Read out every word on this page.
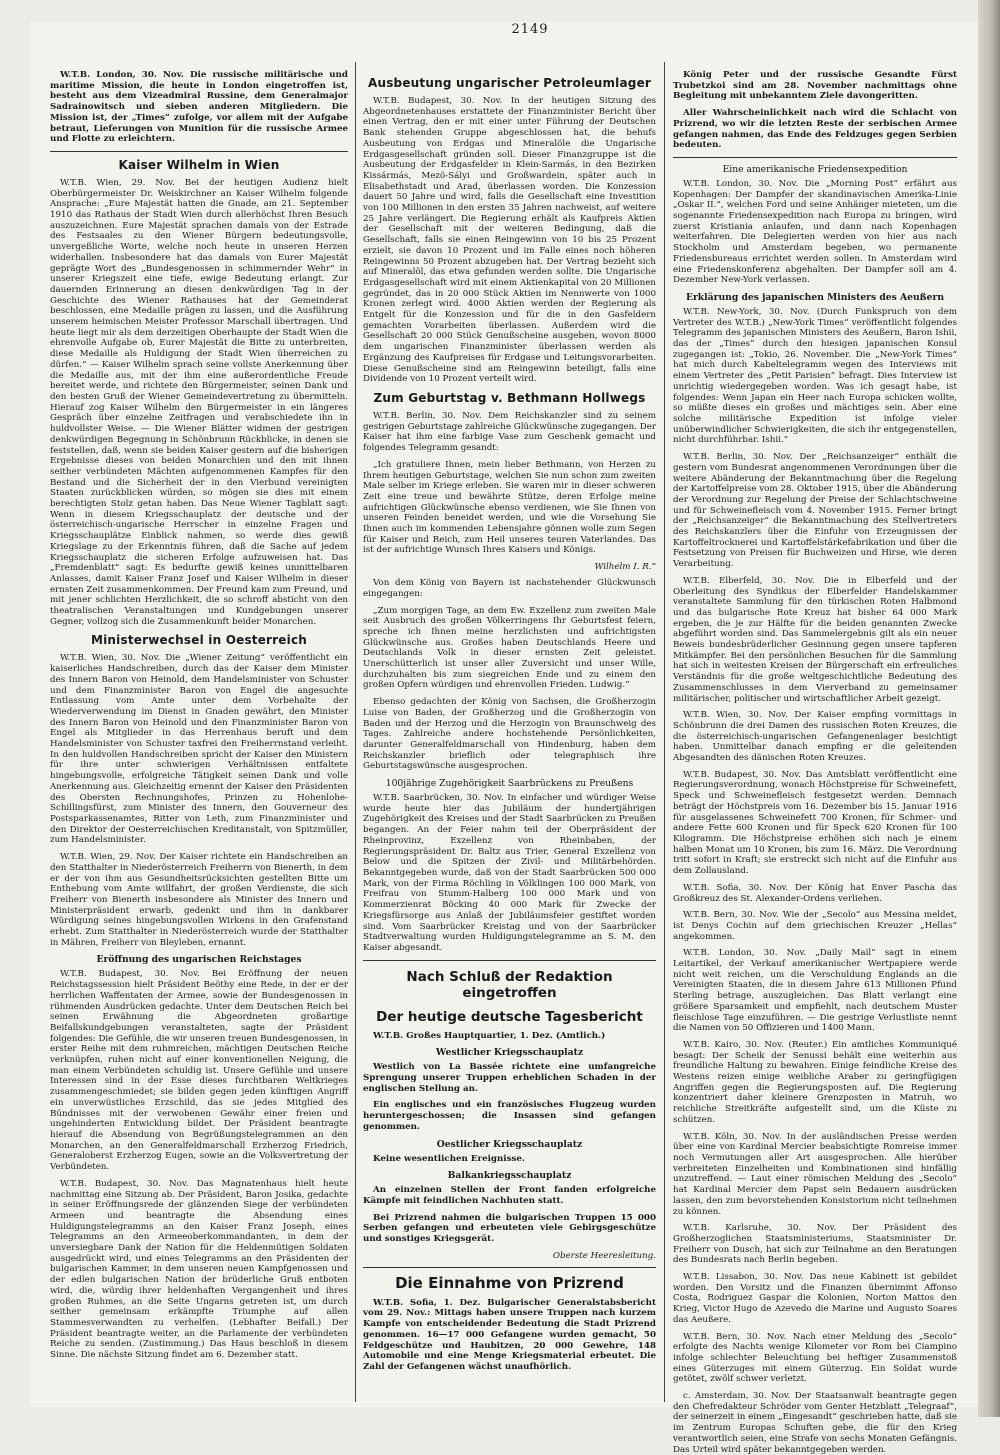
2149

W.T.B. London, 30. Nov. Die russische militärische und maritime Mission, die heute in London eingetroffen ist, besteht aus dem Vizeadmiral Russine, dem Generalmajor Sadrainowitsch und sieben anderen Mitgliedern. Die Mission ist, der „Times“ zufolge, vor allem mit der Aufgabe betraut, Lieferungen von Munition für die russische Armee und Flotte zu erleichtern.

Kaiser Wilhelm in Wien

W.T.B. Wien, 29. Nov. Bei der heutigen Audienz hielt Oberbürgermeister Dr. Weiskirchner an Kaiser Wilhelm folgende Ansprache: „Eure Majestät hatten die Gnade, am 21. September 1910 das Rathaus der Stadt Wien durch allerhöchst Ihren Besuch auszuzeichnen. Eure Majestät sprachen damals von der Estrade des Festsaales zu den Wiener Bürgern bedeutungsvolle, unvergeßliche Worte, welche noch heute in unseren Herzen widerhallen. Insbesondere hat das damals von Eurer Majestät geprägte Wort des „Bundesgenossen in schimmernder Wehr“ in unserer Kriegszeit eine tiefe, ewige Bedeutung erlangt. Zur dauernden Erinnerung an diesen denkwürdigen Tag in der Geschichte des Wiener Rathauses hat der Gemeinderat beschlossen, eine Medaille prägen zu lassen, und die Ausführung unserem heimischen Meister Professor Marschall übertragen. Und heute liegt mir als dem derzeitigen Oberhaupte der Stadt Wien die ehrenvolle Aufgabe ob, Eurer Majestät die Bitte zu unterbreiten, diese Medaille als Huldigung der Stadt Wien überreichen zu dürfen.“ — Kaiser Wilhelm sprach seine vollste Anerkennung über die Medaille aus, mit der ihm eine außerordentliche Freude bereitet werde, und richtete den Bürgermeister, seinen Dank und den besten Gruß der Wiener Gemeindevertretung zu übermitteln. Hierauf zog Kaiser Wilhelm den Bürgermeister in ein längeres Gespräch über einzelne Zeitfragen und verabschiedete ihn in huldvollster Weise. — Die Wiener Blätter widmen der gestrigen denkwürdigen Begegnung in Schönbrunn Rückblicke, in denen sie feststellen, daß, wenn sie beiden Kaiser gestern auf die bisherigen Ergebnisse dieses von beiden Monarchien und den mit ihnen seither verbündeten Mächten aufgenommenen Kampfes für den Bestand und die Sicherheit der in den Vierbund vereinigten Staaten zurückblicken würden, so mögen sie dies mit einem berechtigten Stolz getan haben. Das Neue Wiener Tagblatt sagt: Wenn in diesem Kriegsschauplatz der deutsche und der österreichisch-ungarische Herrscher in einzelne Fragen und Kriegsschauplätze Einblick nahmen, so werde dies gewiß Kriegslage zu der Erkenntnis führen, daß die Sache auf jedem Kriegsschauplatz die sicheren Erfolge aufzuweisen hat. Das „Fremdenblatt“ sagt: Es bedurfte gewiß keines unmittelbaren Anlasses, damit Kaiser Franz Josef und Kaiser Wilhelm in dieser ernsten Zeit zusammenkommen. Der Freund kam zum Freund, und mit jener schlichten Herzlichkeit, die so schroff absticht von den theatralischen Veranstaltungen und Kundgebungen unserer Gegner, vollzog sich die Zusammenkunft beider Monarchen.

Ministerwechsel in Oesterreich

W.T.B. Wien, 30. Nov. Die „Wiener Zeitung“ veröffentlicht ein kaiserliches Handschreiben, durch das der Kaiser dem Minister des Innern Baron von Heinold, dem Handelsminister von Schuster und dem Finanzminister Baron von Engel die angesuchte Entlassung vom Amte unter dem Vorbehalte der Wiederverwendung im Dienst in Gnaden gewährt, den Minister des Innern Baron von Heinold und den Finanzminister Baron von Engel als Mitglieder in das Herrenhaus beruft und dem Handelsminister von Schuster taxfrei den Freiherrnstand verleiht. In den huldvollen Handschreiben spricht der Kaiser den Ministern für ihre unter schwierigen Verhältnissen entfaltete hingebungsvolle, erfolgreiche Tätigkeit seinen Dank und volle Anerkennung aus. Gleichzeitig ernennt der Kaiser den Präsidenten des Obersten Rechnungshofes, Prinzen zu Hohenlohe-Schillingsfürst, zum Minister des Innern, den Gouverneur des Postsparkassenamtes, Ritter von Leth, zum Finanzminister und den Direktor der Oesterreichischen Kreditanstalt, von Spitzmüller, zum Handelsminister.

W.T.B. Wien, 29. Nov. Der Kaiser richtete ein Handschreiben an den Statthalter in Niederösterreich Freiherrn von Bienerth, in dem er der von ihm aus Gesundheitsrücksichten gestellten Bitte um Enthebung vom Amte willfahrt, der großen Verdienste, die sich Freiherr von Bienerth insbesondere als Minister des Innern und Ministerpräsident erwarb, gedenkt und ihm in dankbarer Würdigung seines hingebungsvollen Wirkens in den Grafenstand erhebt. Zum Statthalter in Niederösterreich wurde der Statthalter in Mähren, Freiherr von Bleyleben, ernannt.

Eröffnung des ungarischen Reichstages

W.T.B. Budapest, 30. Nov. Bei Eröffnung der neuen Reichstagssession hielt Präsident Beöthy eine Rede, in der er der herrlichen Waffentaten der Armee, sowie der Bundesgenossen in rühmenden Ausdrücken gedachte. Unter dem Deutschen Reich bei seinen Erwähnung die Abgeordneten großartige Beifallskundgebungen veranstalteten, sagte der Präsident folgendes: Die Gefühle, die wir unseren treuen Bundesgenossen, in erster Reihe mit dem ruhmreichen, mächtigen Deutschen Reiche verknüpfen, ruhen nicht auf einer konventionellen Neigung, die man einem Verbündeten schuldig ist. Unsere Gefühle und unsere Interessen sind in der Esse dieses furchtbaren Weltkrieges zusammengeschmiedet; sie bilden gegen jeden künftigen Angriff ein unverwüstliches Erzschild, das sie jedes Mitglied des Bündnisses mit der verwobenen Gewähr einer freien und ungehinderten Entwicklung bildet. Der Präsident beantragte hierauf die Absendung von Begrüßungstelegrammen an den Monarchen, an den Generalfeldmarschall Erzherzog Friedrich, Generaloberst Erzherzog Eugen, sowie an die Volksvertretung der Verbündeten.

W.T.B. Budapest, 30. Nov. Das Magnatenhaus hielt heute nachmittag eine Sitzung ab. Der Präsident, Baron Josika, gedachte in seiner Eröffnungsrede der glänzenden Siege der verbündeten Armeen und beantragte die Absendung eines Huldigungstelegramms an den Kaiser Franz Joseph, eines Telegramms an den Armeeoberkommandanten, in dem der unversiegbare Dank der Nation für die Heldenmütigen Soldaten ausgedrückt wird, und eines Telegramms an den Präsidenten der bulgarischen Kammer, in dem unseren neuen Kampfgenossen und der edlen bulgarischen Nation der brüderliche Gruß entboten wird, die, würdig ihrer heldenhaften Vergangenheit und ihres großen Ruhmes, an die Seite Ungarns getreten ist, um durch seither gemeinsam erkämpfte Triumphe auf allen Stammesverwandten zu verhelfen. (Lebhafter Beifall.) Der Präsident beantragte weiter, an die Parlamente der verbündeten Reiche zu senden. (Zustimmung.) Das Haus beschloß in diesem Sinne. Die nächste Sitzung findet am 6. Dezember statt.

Ausbeutung ungarischer Petroleumlager

W.T.B. Budapest, 30. Nov. In der heutigen Sitzung des Abgeordnetenhauses erstattete der Finanzminister Bericht über einen Vertrag, den er mit einer unter Führung der Deutschen Bank stehenden Gruppe abgeschlossen hat, die behufs Ausbeutung von Erdgas und Mineralöle die Ungarische Erdgasgesellschaft gründen soll. Dieser Finanzgruppe ist die Ausbeutung der Erdgasfelder in Klein-Sarmás, in den Bezirken Kissármás, Mezö-Sályi und Großwardein, später auch in Elisabethstadt und Arad, überlassen worden. Die Konzession dauert 50 Jahre und wird, falls die Gesellschaft eine Investition von 100 Millionen in den ersten 35 Jahren nachweist, auf weitere 25 Jahre verlängert. Die Regierung erhält als Kaufpreis Aktien der Gesellschaft mit der weiteren Bedingung, daß die Gesellschaft, falls sie einen Reingewinn von 10 bis 25 Prozent erzielt, sie davon 10 Prozent und im Falle eines noch höheren Reingewinns 50 Prozent abzugeben hat. Der Vertrag bezieht sich auf Mineralöl, das etwa gefunden werden sollte. Die Ungarische Erdgasgesellschaft wird mit einem Aktienkapital von 20 Millionen gegründet, das in 20 000 Stück Aktien im Nennwerte von 1000 Kronen zerlegt wird. 4000 Aktien werden der Regierung als Entgelt für die Konzession und für die in den Gasfeldern gemachten Vorarbeiten überlassen. Außerdem wird die Gesellschaft 20 000 Stück Genußscheine ausgeben, wovon 8000 dem ungarischen Finanzminister überlassen werden als Ergänzung des Kaufpreises für Erdgase und Leitungsvorarbeiten. Diese Genußscheine sind am Reingewinn beteiligt, falls eine Dividende von 10 Prozent verteilt wird.

Zum Geburtstag v. Bethmann Hollwegs

W.T.B. Berlin, 30. Nov. Dem Reichskanzler sind zu seinem gestrigen Geburtstage zahlreiche Glückwünsche zugegangen. Der Kaiser hat ihm eine farbige Vase zum Geschenk gemacht und folgendes Telegramm gesandt:

„Ich gratuliere Ihnen, mein lieber Bethmann, von Herzen zu Ihrem heutigen Geburtstage, welchen Sie nun schon zum zweiten Male selber im Kriege erleben. Sie waren mir in dieser schweren Zeit eine treue und bewährte Stütze, deren Erfolge meine aufrichtigen Glückwünsche ebenso verdienen, wie Sie Ihnen von unseren Feinden beneidet werden, und wie die Vorsehung Sie Ihnen auch im kommenden Lebensjahre gönnen wolle zum Segen für Kaiser und Reich, zum Heil unseres teuren Vaterlandes. Das ist der aufrichtige Wunsch Ihres Kaisers und Königs.

Wilhelm I. R.“

Von dem König von Bayern ist nachstehender Glückwunsch eingegangen:

„Zum morgigen Tage, an dem Ew. Exzellenz zum zweiten Male seit Ausbruch des großen Völkerringens Ihr Geburtsfest feiern, spreche ich Ihnen meine herzlichsten und aufrichtigsten Glückwünsche aus. Großes haben Deutschlands Heere und Deutschlands Volk in dieser ernsten Zeit geleistet. Unerschütterlich ist unser aller Zuversicht und unser Wille, durchzuhalten bis zum siegreichen Ende und zu einem den großen Opfern würdigen und ehrenvollen Frieden. Ludwig.“

Ebenso gedachten der König von Sachsen, die Großherzogin Luise von Baden, der Großherzog und die Großherzogin von Baden und der Herzog und die Herzogin von Braunschweig des Tages. Zahlreiche andere hochstehende Persönlichkeiten, darunter Generalfeldmarschall von Hindenburg, haben dem Reichskanzler brieflich oder telegraphisch ihre Geburtstagswünsche ausgesprochen.

100jährige Zugehörigkeit Saarbrückens zu Preußens

W.T.B. Saarbrücken, 30. Nov. In einfacher und würdiger Weise wurde heute hier das Jubiläum der hundertjährigen Zugehörigkeit des Kreises und der Stadt Saarbrücken zu Preußen begangen. An der Feier nahm teil der Oberpräsident der Rheinprovinz, Exzellenz von Rheinbaben, der Regierungspräsident Dr. Baltz aus Trier, General Exzellenz von Below und die Spitzen der Zivil- und Militärbehörden. Bekanntgegeben wurde, daß von der Stadt Saarbrücken 500 000 Mark, von der Firma Röchling in Völklingen 100 000 Mark, von Freifrau von Stumm-Halberg 100 000 Mark und von Kommerzienrat Böcking 40 000 Mark für Zwecke der Kriegsfürsorge aus Anlaß der Jubiläumsfeier gestiftet worden sind. Vom Saarbrücker Kreistag und von der Saarbrücker Stadtverwaltung wurden Huldigungstelegramme an S. M. den Kaiser abgesandt.

Nach Schluß der Redaktion eingetroffen
Der heutige deutsche Tagesbericht

W.T.B. Großes Hauptquartier, 1. Dez. (Amtlich.)

Westlicher Kriegsschauplatz

Westlich von La Bassée richtete eine umfangreiche Sprengung unserer Truppen erheblichen Schaden in der englischen Stellung an.

Ein englisches und ein französisches Flugzeug wurden heruntergeschossen; die Insassen sind gefangen genommen.

Oestlicher Kriegsschauplatz

Keine wesentlichen Ereignisse.

Balkankriegsschauplatz

An einzelnen Stellen der Front fanden erfolgreiche Kämpfe mit feindlichen Nachhuten statt.

Bei Prizrend nahmen die bulgarischen Truppen 15 000 Serben gefangen und erbeuteten viele Gebirgsgeschütze und sonstiges Kriegsgerät.

Oberste Heeresleitung.
Die Einnahme von Prizrend

W.T.B. Sofia, 1. Dez. Bulgarischer Generalstabsbericht vom 29. Nov.: Mittags haben unsere Truppen nach kurzem Kampfe von entscheidender Bedeutung die Stadt Prizrend genommen. 16—17 000 Gefangene wurden gemacht, 50 Feldgeschütze und Haubitzen, 20 000 Gewehre, 148 Automobile und eine Menge Kriegsmaterial erbeutet. Die Zahl der Gefangenen wächst unaufhörlich.

König Peter und der russische Gesandte Fürst Trubetzkoi sind am 28. November nachmittags ohne Begleitung mit unbekanntem Ziele davongeritten.

Aller Wahrscheinlichkeit nach wird die Schlacht von Prizrend, wo wir die letzten Reste der serbischen Armee gefangen nahmen, das Ende des Feldzuges gegen Serbien bedeuten.

Eine amerikanische Friedensexpedition

W.T.B. London, 30. Nov. Die „Morning Post“ erfährt aus Kopenhagen: Der Dampfer der skandinavischen Amerika-Linie „Oskar II.“, welchen Ford und seine Anhänger mieteten, um die sogenannte Friedensexpedition nach Europa zu bringen, wird zuerst Kristiania anlaufen, und dann nach Kopenhagen weiterfahren. Die Delegierten werden von hier aus nach Stockholm und Amsterdam begeben, wo permanente Friedensbureaus errichtet werden sollen. In Amsterdam wird eine Friedenskonferenz abgehalten. Der Dampfer soll am 4. Dezember New-York verlassen.

Erklärung des japanischen Ministers des Aeußern

W.T.B. New-York, 30. Nov. (Durch Funkspruch von dem Vertreter des W.T.B.) „New-York Times“ veröffentlicht folgendes Telegramm des japanischen Ministers des Aeußern, Baron Ishii, das der „Times“ durch den hiesigen japanischen Konsul zugegangen ist: „Tokio, 26. November. Die „New-York Times“ hat mich durch Kabeltelegramm wegen des Interviews mit einem Vertreter des „Petit Parisien“ befragt. Dies Interview ist unrichtig wiedergegeben worden. Was ich gesagt habe, ist folgendes: Wenn Japan ein Heer nach Europa schicken wollte, so müßte dieses ein großes und mächtiges sein. Aber eine solche militärische Expedition ist infolge vieler unüberwindlicher Schwierigkeiten, die sich ihr entgegenstellen, nicht durchführbar. Ishii.“

W.T.B. Berlin, 30. Nov. Der „Reichsanzeiger“ enthält die gestern vom Bundesrat angenommenen Verordnungen über die weitere Abänderung der Bekanntmachung über die Regelung der Kartoffelpreise vom 28. Oktober 1915, über die Abänderung der Verordnung zur Regelung der Preise der Schlachtschweine und für Schweinefleisch vom 4. November 1915. Ferner bringt der „Reichsanzeiger“ die Bekanntmachung des Stellvertreters des Reichskanzlers über die Einfuhr von Erzeugnissen der Kartoffeltrocknerei und Kartoffelstärkefabrikation und über die Festsetzung von Preisen für Buchweizen und Hirse, wie deren Verarbeitung.

W.T.B. Elberfeld, 30. Nov. Die in Elberfeld und der Oberleitung des Syndikus der Elberfelder Handelskammer veranstaltete Sammlung für den türkischen Roten Halbmond und das bulgarische Rote Kreuz hat bisher 64 000 Mark ergeben, die je zur Hälfte für die beiden genannten Zwecke abgeführt worden sind. Das Sammelergebnis gilt als ein neuer Beweis bundesbrüderlicher Gesinnung gegen unsere tapferen Mitkämpfer. Bei den persönlichen Besuchen für die Sammlung hat sich in weitesten Kreisen der Bürgerschaft ein erfreuliches Verständnis für die große weltgeschichtliche Bedeutung des Zusammenschlusses in dem Vierverband zu gemeinsamer militärischer, politischer und wirtschaftlicher Arbeit gezeigt.

W.T.B. Wien, 30. Nov. Der Kaiser empfing vormittags in Schönbrunn die drei Damen des russischen Roten Kreuzes, die die österreichisch-ungarischen Gefangenenlager besichtigt haben. Unmittelbar danach empfing er die geleitenden Abgesandten des dänischen Roten Kreuzes.

W.T.B. Budapest, 30. Nov. Das Amtsblatt veröffentlicht eine Regierungsverordnung, wonach Höchstpreise für Schweinefett, Speck und Schweinefleisch festgesetzt werden. Demnach beträgt der Höchstpreis vom 16. Dezember bis 15. Januar 1916 für ausgelassenes Schweinefett 700 Kronen, für Schmer- und andere Fette 600 Kronen und für Speck 620 Kronen für 100 Kilogramm. Die Höchstpreise erhöhen sich nach je einem halben Monat um 10 Kronen, bis zum 16. März. Die Verordnung tritt sofort in Kraft; sie erstreckt sich nicht auf die Einfuhr aus dem Zollausland.

W.T.B. Sofia, 30. Nov. Der König hat Enver Pascha das Großkreuz des St. Alexander-Ordens verliehen.

W.T.B. Bern, 30. Nov. Wie der „Secolo“ aus Messina meldet, ist Denys Cochin auf dem griechischen Kreuzer „Hellas“ angekommen.

W.T.B. London, 30. Nov. „Daily Mail“ sagt in einem Leitartikel, der Verkauf amerikanischer Wertpapiere werde nicht weit reichen, um die Verschuldung Englands an die Vereinigten Staaten, die in diesem Jahre 613 Millionen Pfund Sterling betrage, auszugleichen. Das Blatt verlangt eine größere Sparsamkeit und empfiehlt, nach deutschem Muster fleischlose Tage einzuführen. — Die gestrige Verlustliste nennt die Namen von 50 Offizieren und 1400 Mann.

W.T.B. Kairo, 30. Nov. (Reuter.) Ein amtliches Kommuniqué besagt: Der Scheik der Senussi behält eine weiterhin aus freundliche Haltung zu bewahren. Einige feindliche Kreise des Westens reizen einige weibliche Araber zu geringfügigen Angriffen gegen die Regierungsposten auf. Die Regierung konzentriert daher kleinere Grenzposten in Matruh, wo reichliche Streitkräfte aufgestellt sind, um die Küste zu schützen.

W.T.B. Köln, 30. Nov. In der ausländischen Presse werden über eine von Kardinal Mercier beabsichtigte Romreise immer noch Vermutungen aller Art ausgesprochen. Alle hierüber verbreiteten Einzelheiten und Kombinationen sind hinfällig unzutreffend. — Laut einer römischen Meldung des „Secolo“ hat Kardinal Mercier dem Papst sein Bedauern ausdrücken lassen, den zum bevorstehenden Konsistorium nicht teilnehmen zu können.

W.T.B. Karlsruhe, 30. Nov. Der Präsident des Großherzoglichen Staatsministeriums, Staatsminister Dr. Freiherr von Dusch, hat sich zur Teilnahme an den Beratungen des Bundesrats nach Berlin begeben.

W.T.B. Lissabon, 30. Nov. Das neue Kabinett ist gebildet worden. Den Vorsitz und die Finanzen übernimmt Affonso Costa, Rodriguez Gaspar die Kolonien, Norton Mattos den Krieg, Victor Hugo de Azevedo die Marine und Augusto Soares das Aeußere.

W.T.B. Bern, 30. Nov. Nach einer Meldung des „Secolo“ erfolgte des Nachts wenige Kilometer vor Rom bei Ciampino infolge schlechter Beleuchtung bei heftiger Zusammenstoß eines Güterzuges mit einem Güterzug. Ein Soldat wurde getötet, zwölf schwer verletzt.

c. Amsterdam, 30. Nov. Der Staatsanwalt beantragte gegen den Chefredakteur Schröder vom Genter Hetzblatt „Telegraaf“, der seinerzeit in einem „Eingesandt“ geschrieben hatte, daß sie im Zentrum Europas Schuften gebe, die für den Krieg verantwortlich seien, eine Strafe von sechs Monaten Gefängnis. Das Urteil wird später bekanntgegeben werden.
